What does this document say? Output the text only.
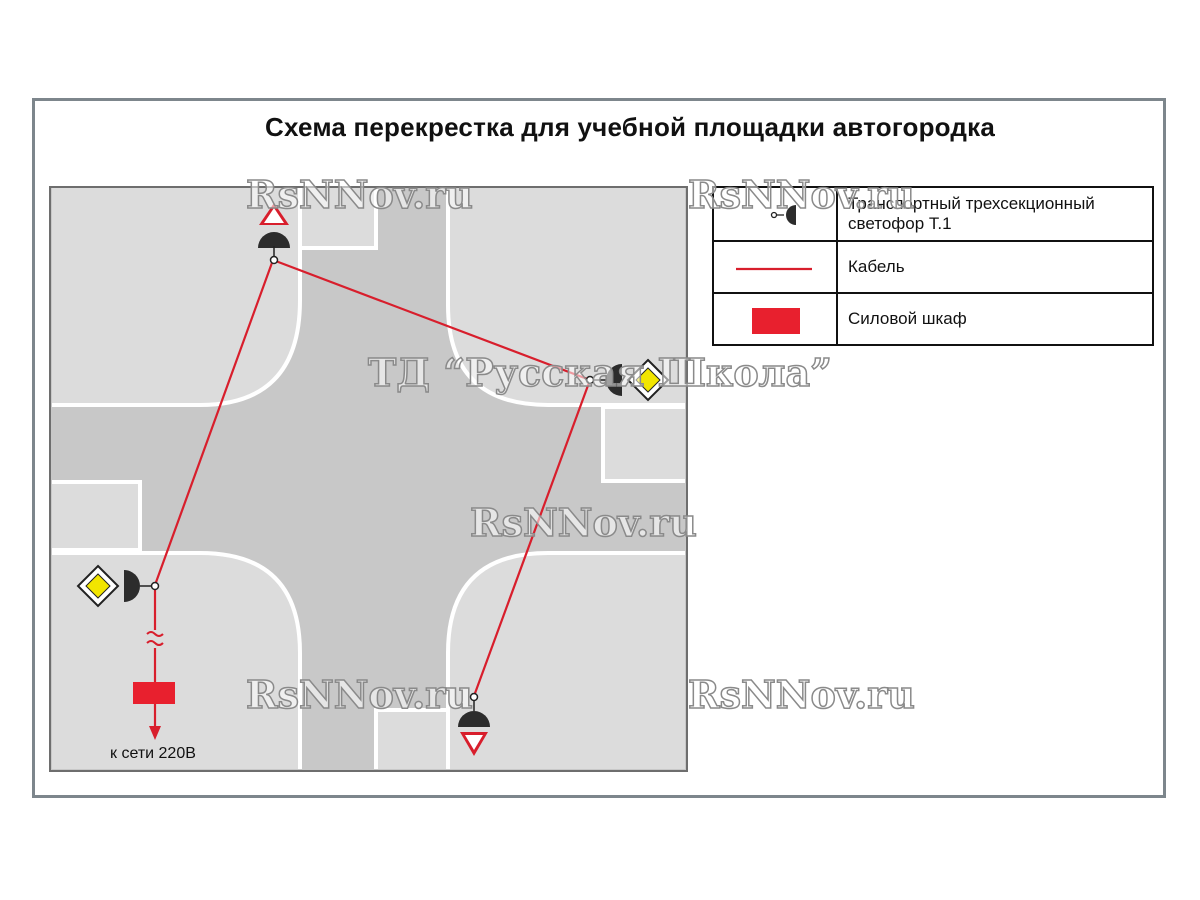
Схема перекрестка для учебной площадки автогородка
Транспортный трехсекционный светофор Т.1
Кабель
Силовой шкаф
к сети 220В
RsNNov.ru	RsNNov.ru
RsNNov.ru
RsNNov.ru	RsNNov.ru
ТД “Русская Школа”
